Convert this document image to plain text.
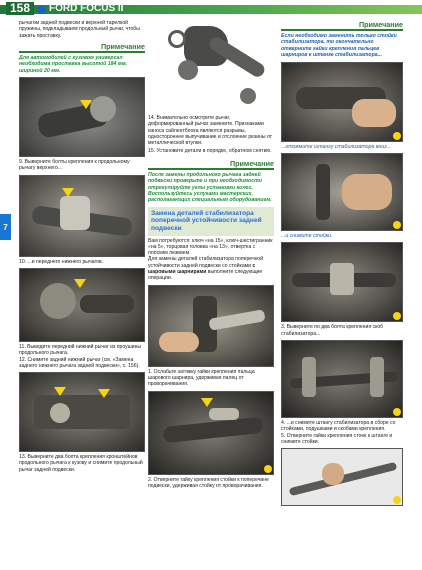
158	FORD FOCUS II
7
рычагом задней подвески и верхней тарелкой пружины, подкладываем продольный рычаг, чтобы зажать проставку.
Примечание
Для автомобилей с кузовом универсал необходима проставка высотой 184 мм, шириной 20 мм.
9. Выверните болты крепления к продольному рычагу верхнего...
10. ...и переднего нижнего рычагов.
11. Выведите передний нижний рычаг из проушины продольного рычага.
12. Снимите задний нижний рычаг (см. «Замена заднего нижнего рычага задней подвески», с. 156).
13. Выверните два болта крепления кронштейнов продольного рычага к кузову и снимите продольный рычаг задней подвески.
14. Внимательно осмотрите рычаг, деформированный рычаг замените. Признаками износа сайлентблока являются разрывы, одностороннее выпучивание и отслоение резины от металлической втулки.
15. Установите детали в порядке, обратном снятию.
Примечание
После замены продольного рычага задней подвески проверьте и при необходимости отрегулируйте углы установки колес. Воспользуйтесь услугами мастерских, располагающих специальным оборудованием.
Замена деталей стабилизатора поперечной устойчивости задней подвески
Вам потребуются: ключ «на 15», ключ-шестигранник «на 5», торцовая головка «на 13», отвертка с плоским лезвием.
Для замены деталей стабилизатора поперечной устойчивости задней подвески со стойками с шаровыми шарнирами выполните следующие операции.
1. Ослабьте затяжку гайки крепления пальца шарового шарнира, удерживая палец от проворачивания.
2. Отверните гайку крепления стойки к поперечине подвески, удерживая стойку от проворачивания.
Примечание
Если необходимо заменить только стойки стабилизатора, то окончательно отверните гайки крепления пальцев шарниров к штанге стабилизатора...
...отожмите штангу стабилизатора вниз...
...и снимите стойки.
3. Выверните по два болта крепления скоб стабилизатора...
4. ...и снимите штангу стабилизатора в сборе со стойками, подушками и скобами крепления.
5. Отверните гайки крепления стоек к штанге и снимите стойки.
